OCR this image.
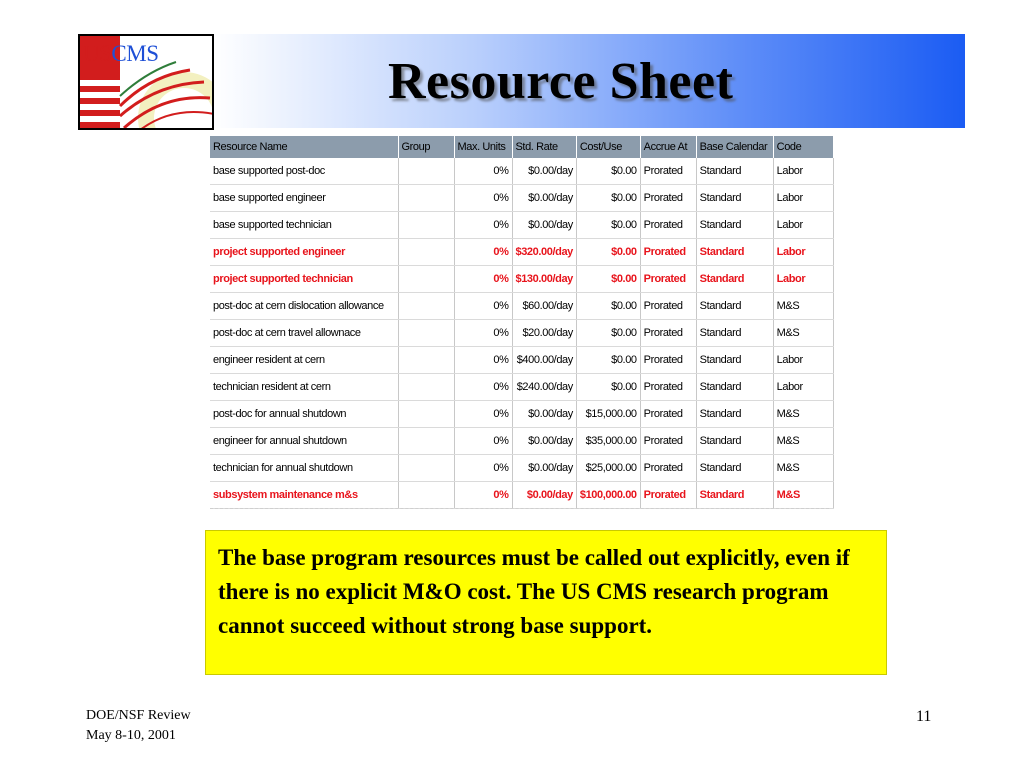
USCMS	Resource Sheet
Resource Name	Group	Max. Units	Std. Rate	Cost/Use	Accrue At	Base Calendar	Code
base supported post-doc		0%	$0.00/day	$0.00	Prorated	Standard	Labor
base supported engineer		0%	$0.00/day	$0.00	Prorated	Standard	Labor
base supported technician		0%	$0.00/day	$0.00	Prorated	Standard	Labor
project supported engineer		0%	$320.00/day	$0.00	Prorated	Standard	Labor
project supported technician		0%	$130.00/day	$0.00	Prorated	Standard	Labor
post-doc at cern dislocation allowance		0%	$60.00/day	$0.00	Prorated	Standard	M&S
post-doc at cern travel allownace		0%	$20.00/day	$0.00	Prorated	Standard	M&S
engineer resident at cern		0%	$400.00/day	$0.00	Prorated	Standard	Labor
technician resident at cern		0%	$240.00/day	$0.00	Prorated	Standard	Labor
post-doc for annual shutdown		0%	$0.00/day	$15,000.00	Prorated	Standard	M&S
engineer for annual shutdown		0%	$0.00/day	$35,000.00	Prorated	Standard	M&S
technician for annual shutdown		0%	$0.00/day	$25,000.00	Prorated	Standard	M&S
subsystem maintenance m&s		0%	$0.00/day	$100,000.00	Prorated	Standard	M&S
The base program resources must be called out explicitly, even if there is no explicit M&O cost. The US CMS research program cannot succeed without strong base support.
DOE/NSF Review
May 8-10, 2001
11
